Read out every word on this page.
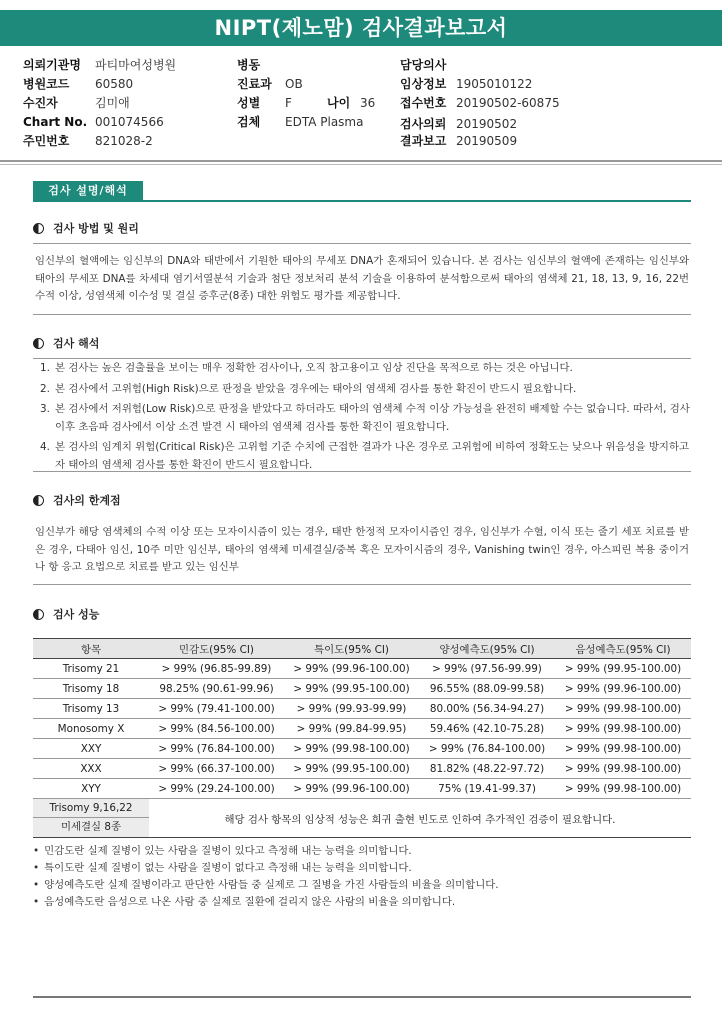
NIPT(제노맘) 검사결과보고서
의뢰기관명 파티마여성병원
병원코드 60580
수진자	김미애
Chart No. 001074566
주민번호 821028-2
병동
진료과 OB
성별 F	나이 36
검체 EDTA Plasma
담당의사
임상정보 1905010122
접수번호 20190502-60875
검사의뢰 20190502
결과보고 20190509
검사 설명/해석
검사 방법 및 원리
임신부의 혈액에는 임신부의 DNA와 태반에서 기원한 태아의 무세포 DNA가 혼재되어 있습니다. 본 검사는 임신부의 혈액에 존재하는 임신부와 태아의 무세포 DNA를 차세대 염기서열분석 기술과 첨단 정보처리 분석 기술을 이용하여 분석함으로써 태아의 염색체 21, 18, 13, 9, 16, 22번 수적 이상, 성염색체 이수성 및 결실 증후군(8종) 대한 위험도 평가를 제공합니다.
검사 해석
1. 본 검사는 높은 검출률을 보이는 매우 정확한 검사이나, 오직 참고용이고 임상 진단을 목적으로 하는 것은 아닙니다.
2. 본 검사에서 고위험(High Risk)으로 판정을 받았을 경우에는 태아의 염색체 검사를 통한 확진이 반드시 필요합니다.
3. 본 검사에서 저위험(Low Risk)으로 판정을 받았다고 하더라도 태아의 염색체 수적 이상 가능성을 완전히 배제할 수는 없습니다. 따라서, 검사 이후 초음파 검사에서 이상 소견 발견 시 태아의 염색체 검사를 통한 확진이 필요합니다.
4. 본 검사의 임계치 위험(Critical Risk)은 고위험 기준 수치에 근접한 결과가 나온 경우로 고위험에 비하여 정확도는 낮으나 위음성을 방지하고자 태아의 염색체 검사를 통한 확진이 반드시 필요합니다.
검사의 한계점
임신부가 해당 염색체의 수적 이상 또는 모자이시즘이 있는 경우, 태반 한정적 모자이시즘인 경우, 임신부가 수혈, 이식 또는 줄기 세포 치료를 받은 경우, 다태아 임신, 10주 미만 임신부, 태아의 염색체 미세결실/중복 혹은 모자이시즘의 경우, Vanishing twin인 경우, 아스피린 복용 중이거나 항 응고 요법으로 치료를 받고 있는 임신부
검사 성능
항목	민감도(95% CI)	특이도(95% CI)	양성예측도(95% CI)	음성예측도(95% CI)
Trisomy 21	> 99% (96.85-99.89)	> 99% (99.96-100.00)	> 99% (97.56-99.99)	> 99% (99.95-100.00)
Trisomy 18	98.25% (90.61-99.96)	> 99% (99.95-100.00)	96.55% (88.09-99.58)	> 99% (99.96-100.00)
Trisomy 13	> 99% (79.41-100.00)	> 99% (99.93-99.99)	80.00% (56.34-94.27)	> 99% (99.98-100.00)
Monosomy X	> 99% (84.56-100.00)	> 99% (99.84-99.95)	59.46% (42.10-75.28)	> 99% (99.98-100.00)
XXY	> 99% (76.84-100.00)	> 99% (99.98-100.00)	> 99% (76.84-100.00)	> 99% (99.98-100.00)
XXX	> 99% (66.37-100.00)	> 99% (99.95-100.00)	81.82% (48.22-97.72)	> 99% (99.98-100.00)
XYY	> 99% (29.24-100.00)	> 99% (99.96-100.00)	75% (19.41-99.37)	> 99% (99.98-100.00)

Trisomy 9,16,22
미세결실 8종	해당 검사 항목의 임상적 성능은 희귀 출현 빈도로 인하여 추가적인 검증이 필요합니다.			
• 민감도란 실제 질병이 있는 사람을 질병이 있다고 측정해 내는 능력을 의미합니다.
• 특이도란 실제 질병이 없는 사람을 질병이 없다고 측정해 내는 능력을 의미합니다.
• 양성예측도란 실제 질병이라고 판단한 사람들 중 실제로 그 질병을 가진 사람들의 비율을 의미합니다.
• 음성예측도란 음성으로 나온 사람 중 실제로 질환에 걸리지 않은 사람의 비율을 의미합니다.
